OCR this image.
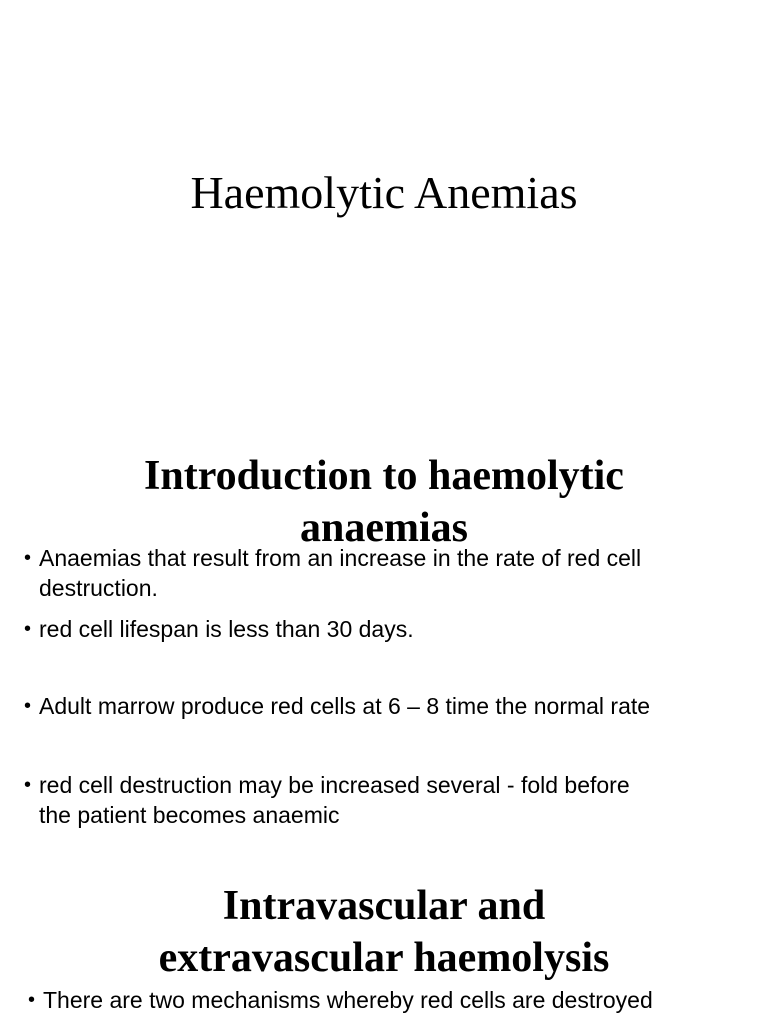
Haemolytic Anemias
Introduction to haemolytic
anaemias
• Anaemias that result from an increase in the rate of red cell
destruction.
• red cell lifespan is less than 30 days.
• Adult marrow produce red cells at 6 – 8 time the normal rate
• red cell destruction may be increased several - fold before
the patient becomes anaemic
Intravascular and
extravascular haemolysis
• There are two mechanisms whereby red cells are destroyed
